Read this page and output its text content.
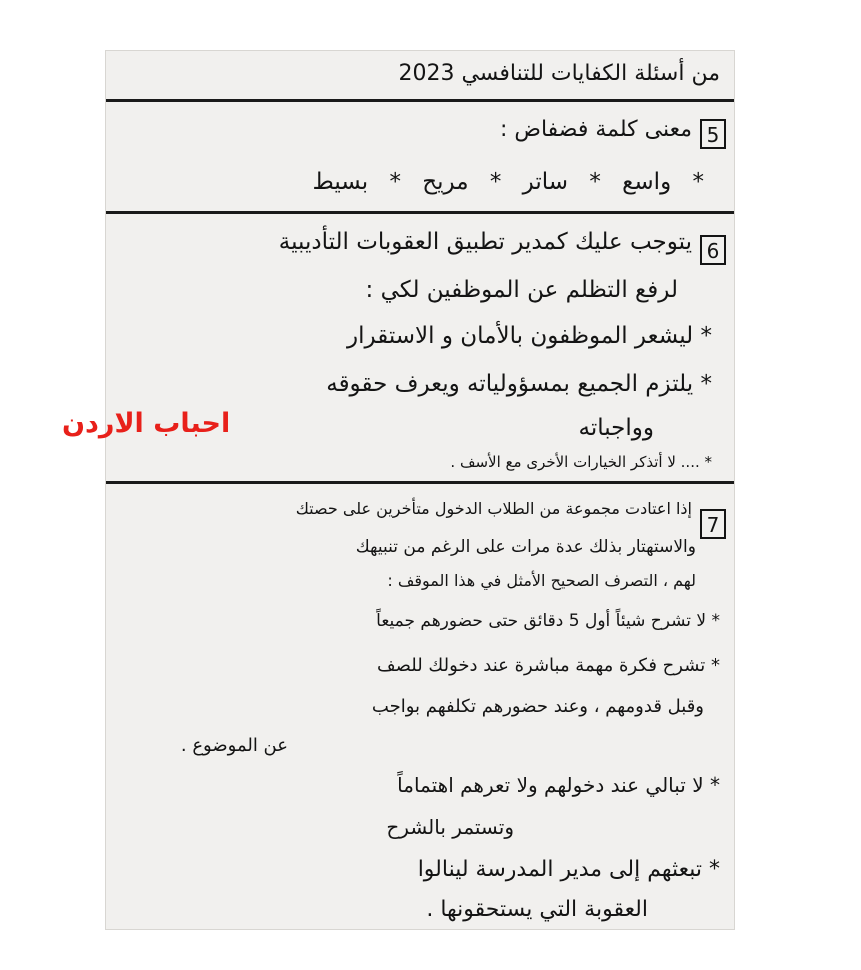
من أسئلة الكفايات للتنافسي 2023
5
معنى كلمة فضفاض :
* واسع * ساتر * مريح * بسيط
6
يتوجب عليك كمدير تطبيق العقوبات التأديبية
لرفع التظلم عن الموظفين لكي :
* ليشعر الموظفون بالأمان و الاستقرار
* يلتزم الجميع بمسؤولياته ويعرف حقوقه
وواجباته
* .... لا أتذكر الخيارات الأخرى مع الأسف .
7
إذا اعتادت مجموعة من الطلاب الدخول متأخرين على حصتك
والاستهتار بذلك عدة مرات على الرغم من تنبيهك
لهم ، التصرف الصحيح الأمثل في هذا الموقف :
* لا تشرح شيئاً أول 5 دقائق حتى حضورهم جميعاً
* تشرح فكرة مهمة مباشرة عند دخولك للصف
وقبل قدومهم ، وعند حضورهم تكلفهم بواجب
عن الموضوع .
* لا تبالي عند دخولهم ولا تعرهم اهتماماً
وتستمر بالشرح
* تبعثهم إلى مدير المدرسة لينالوا
العقوبة التي يستحقونها .
احباب الاردن
